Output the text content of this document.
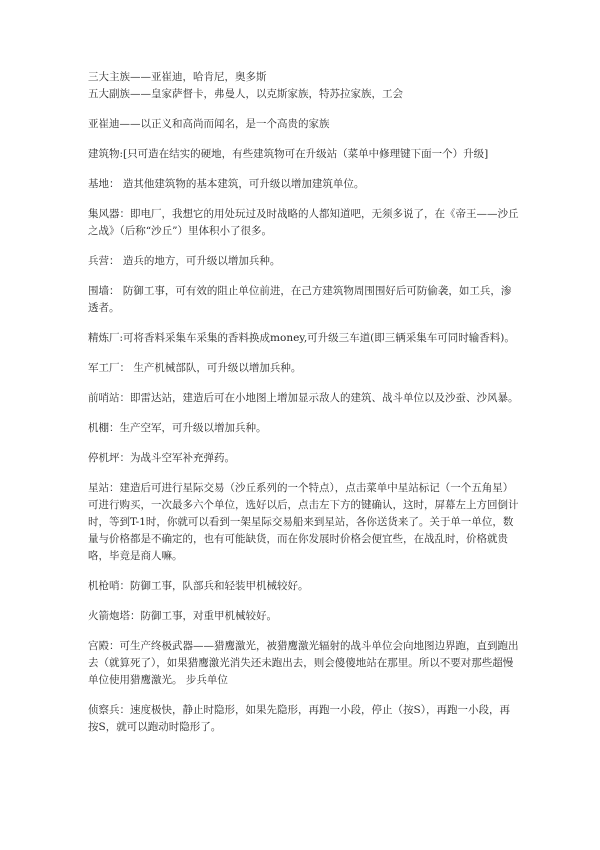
三大主族——亚崔迪，哈肯尼，奥多斯

五大副族——皇家萨督卡，弗曼人，以克斯家族，特苏拉家族，工会

亚崔迪——以正义和高尚而闻名，是一个高贵的家族

建筑物:[只可造在结实的硬地，有些建筑物可在升级站（菜单中修理键下面一个）升级]

基地： 造其他建筑物的基本建筑，可升级以增加建筑单位。

集风器：即电厂，我想它的用处玩过及时战略的人都知道吧，无须多说了，在《帝王——沙丘之战》（后称“沙丘”）里体积小了很多。

兵营： 造兵的地方，可升级以增加兵种。

围墙： 防御工事，可有效的阻止单位前进，在己方建筑物周围围好后可防偷袭，如工兵，渗透者。

精炼厂:可将香料采集车采集的香料换成money,可升级三车道(即三辆采集车可同时输香料)。

军工厂： 生产机械部队，可升级以增加兵种。

前哨站：即雷达站，建造后可在小地图上增加显示敌人的建筑、战斗单位以及沙蚕、沙风暴。

机棚：生产空军，可升级以增加兵种。

停机坪：为战斗空军补充弹药。

星站：建造后可进行星际交易（沙丘系列的一个特点），点击菜单中星站标记（一个五角星）可进行购买，一次最多六个单位，选好以后，点击左下方的键确认，这时，屏幕左上方回倒计时，等到T-1时，你就可以看到一架星际交易船来到星站，各你送货来了。关于单一单位，数量与价格都是不确定的，也有可能缺货，而在你发展时价格会便宜些，在战乱时，价格就贵咯，毕竟是商人嘛。

机枪哨：防御工事，队部兵和轻装甲机械较好。

火箭炮塔：防御工事，对重甲机械较好。

宫殿：可生产终极武器——猎鹰激光，被猎鹰激光辐射的战斗单位会向地图边界跑，直到跑出去（就算死了），如果猎鹰激光消失还未跑出去，则会傻傻地站在那里。所以不要对那些超慢单位使用猎鹰激光。 步兵单位

侦察兵：速度极快，静止时隐形，如果先隐形，再跑一小段，停止（按S），再跑一小段，再按S，就可以跑动时隐形了。
